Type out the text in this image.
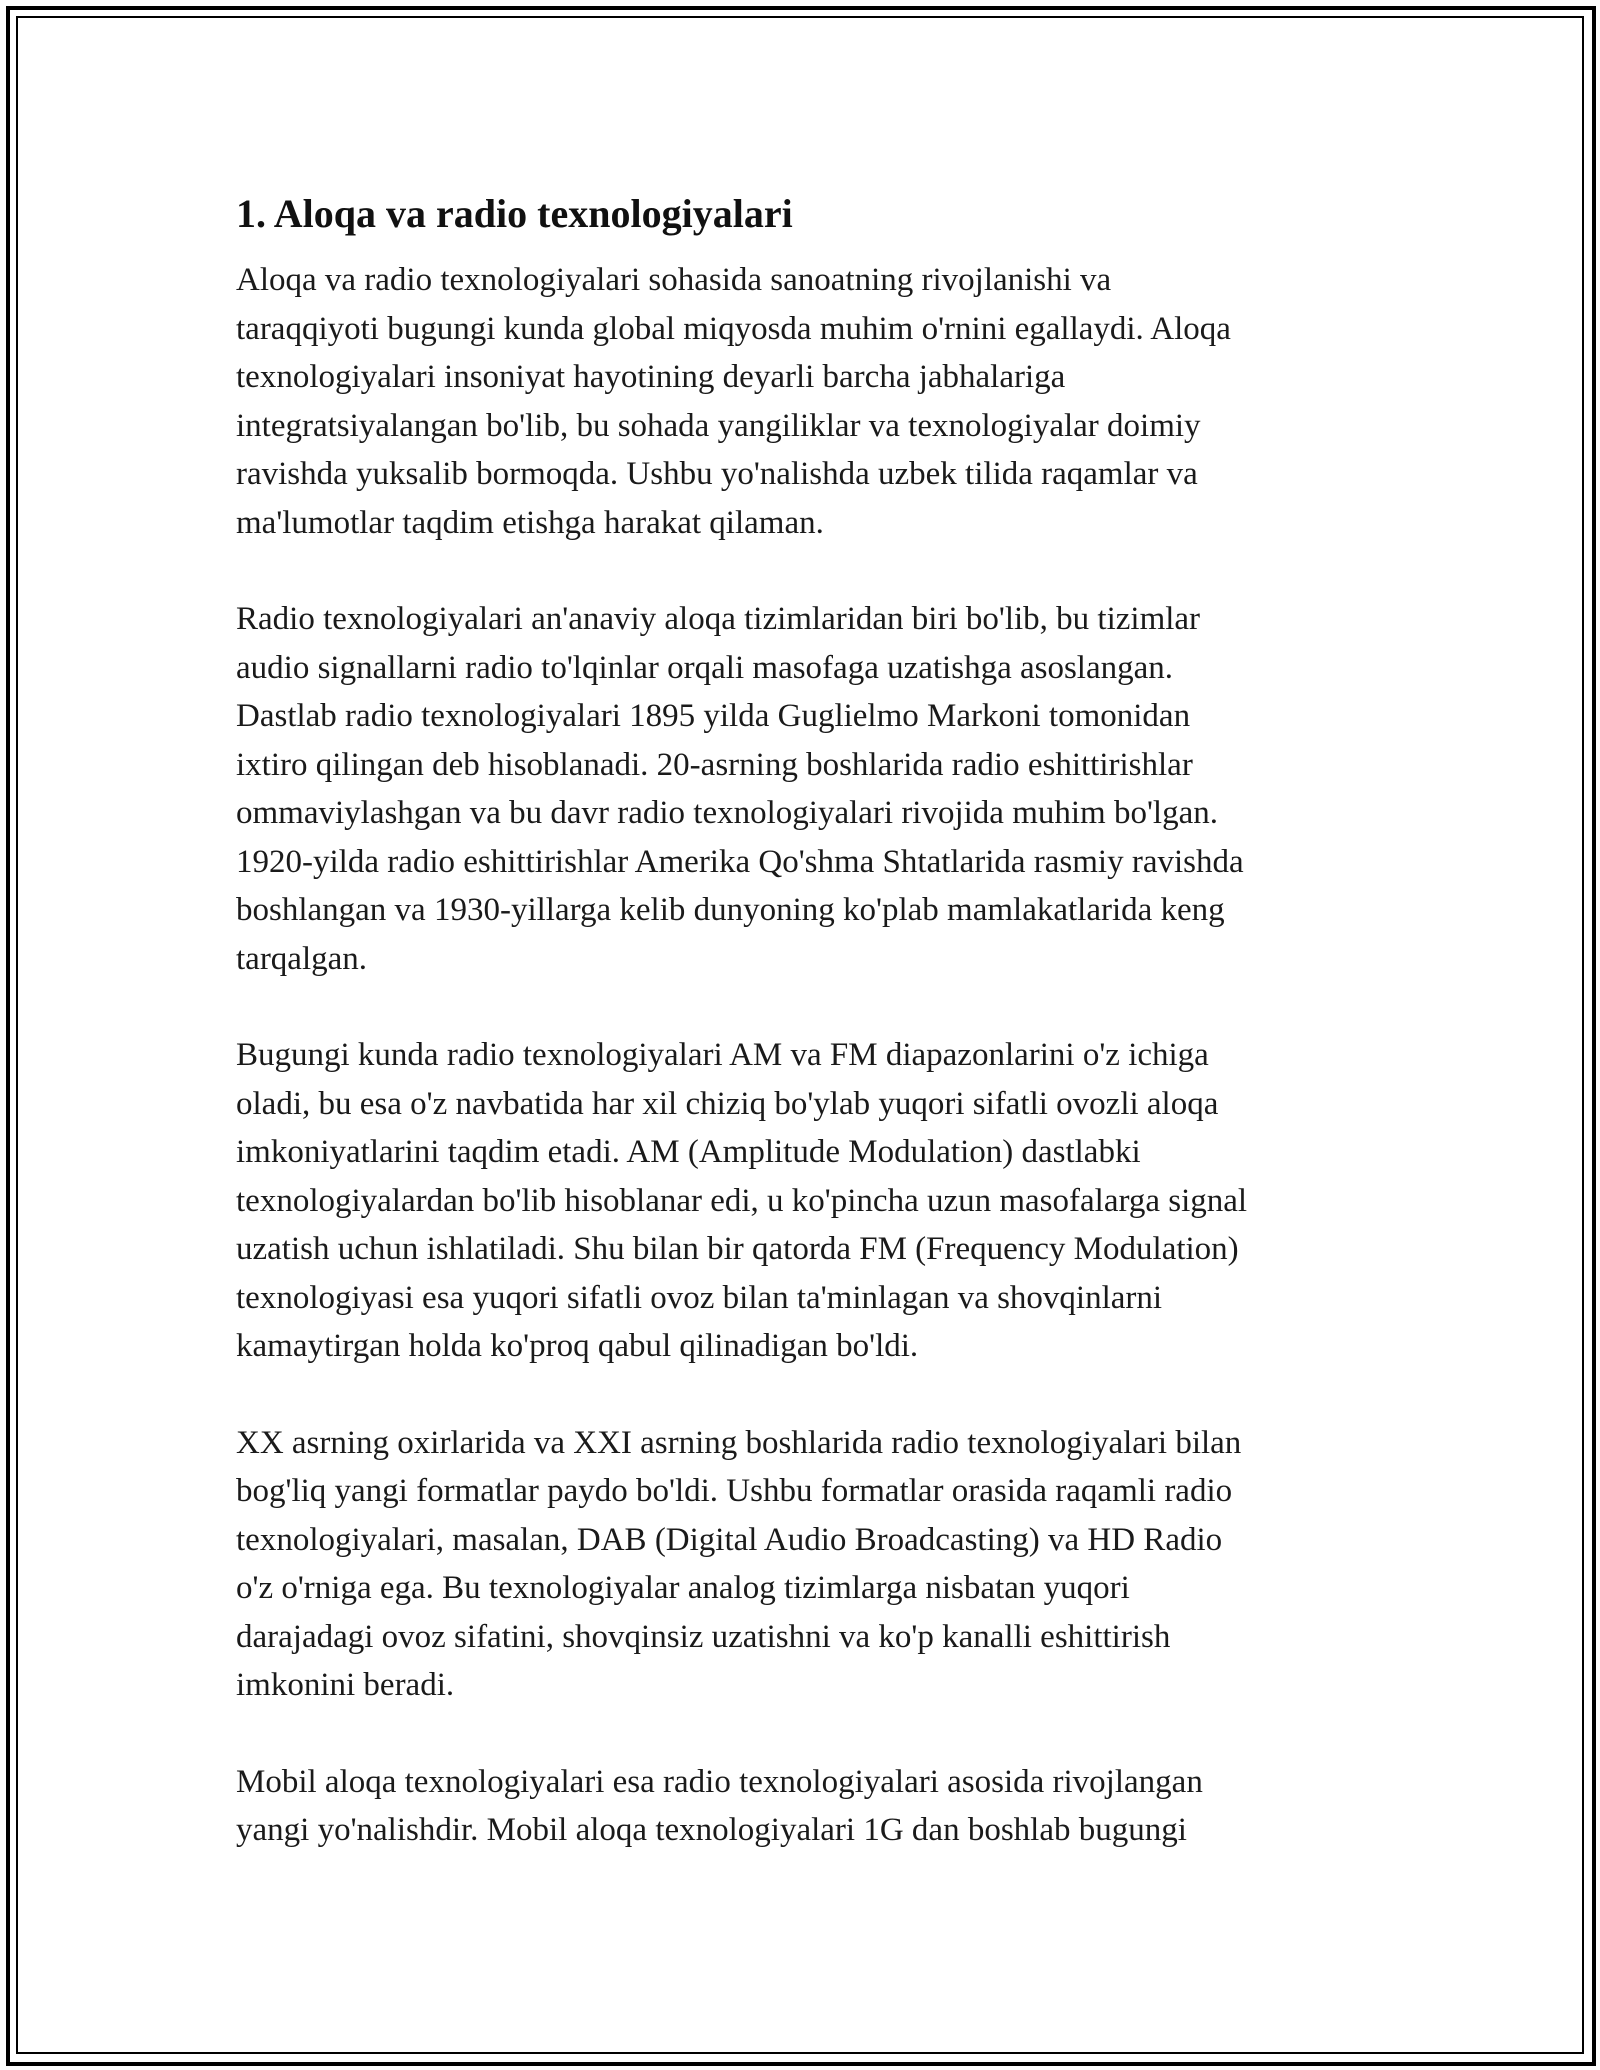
1. Aloqa va radio texnologiyalari

Aloqa va radio texnologiyalari sohasida sanoatning rivojlanishi va
taraqqiyoti bugungi kunda global miqyosda muhim o'rnini egallaydi. Aloqa
texnologiyalari insoniyat hayotining deyarli barcha jabhalariga
integratsiyalangan bo'lib, bu sohada yangiliklar va texnologiyalar doimiy
ravishda yuksalib bormoqda. Ushbu yo'nalishda uzbek tilida raqamlar va
ma'lumotlar taqdim etishga harakat qilaman.

Radio texnologiyalari an'anaviy aloqa tizimlaridan biri bo'lib, bu tizimlar
audio signallarni radio to'lqinlar orqali masofaga uzatishga asoslangan.
Dastlab radio texnologiyalari 1895 yilda Guglielmo Markoni tomonidan
ixtiro qilingan deb hisoblanadi. 20-asrning boshlarida radio eshittirishlar
ommaviylashgan va bu davr radio texnologiyalari rivojida muhim bo'lgan.
1920-yilda radio eshittirishlar Amerika Qo'shma Shtatlarida rasmiy ravishda
boshlangan va 1930-yillarga kelib dunyoning ko'plab mamlakatlarida keng
tarqalgan.

Bugungi kunda radio texnologiyalari AM va FM diapazonlarini o'z ichiga
oladi, bu esa o'z navbatida har xil chiziq bo'ylab yuqori sifatli ovozli aloqa
imkoniyatlarini taqdim etadi. AM (Amplitude Modulation) dastlabki
texnologiyalardan bo'lib hisoblanar edi, u ko'pincha uzun masofalarga signal
uzatish uchun ishlatiladi. Shu bilan bir qatorda FM (Frequency Modulation)
texnologiyasi esa yuqori sifatli ovoz bilan ta'minlagan va shovqinlarni
kamaytirgan holda ko'proq qabul qilinadigan bo'ldi.

XX asrning oxirlarida va XXI asrning boshlarida radio texnologiyalari bilan
bog'liq yangi formatlar paydo bo'ldi. Ushbu formatlar orasida raqamli radio
texnologiyalari, masalan, DAB (Digital Audio Broadcasting) va HD Radio
o'z o'rniga ega. Bu texnologiyalar analog tizimlarga nisbatan yuqori
darajadagi ovoz sifatini, shovqinsiz uzatishni va ko'p kanalli eshittirish
imkonini beradi.

Mobil aloqa texnologiyalari esa radio texnologiyalari asosida rivojlangan
yangi yo'nalishdir. Mobil aloqa texnologiyalari 1G dan boshlab bugungi
